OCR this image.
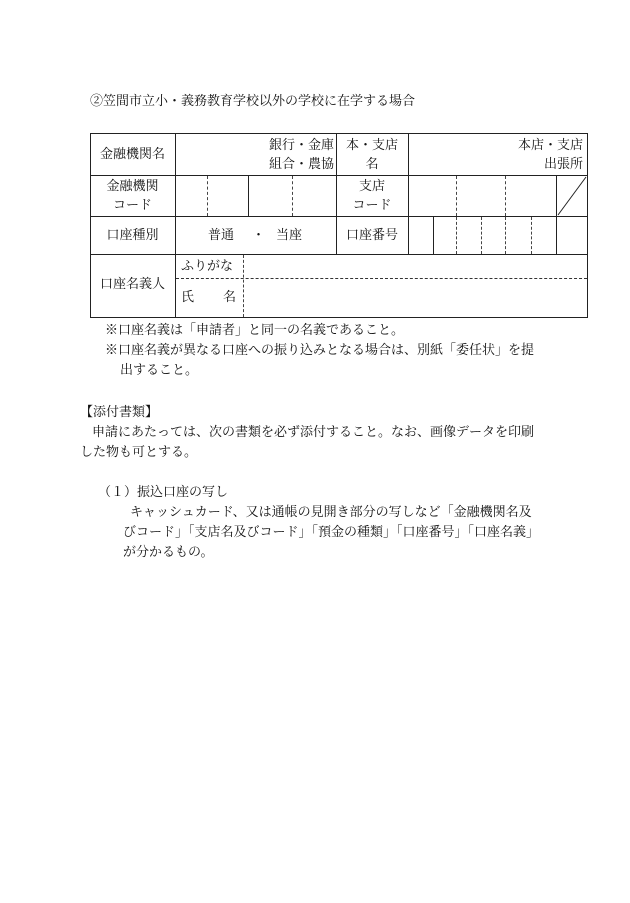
②笠間市立小・義務教育学校以外の学校に在学する場合
金融機関名
銀行・金庫
組合・農協
本・支店
名
本店・支店
出張所
金融機関
コード
支店
コード
口座種別	普通 ・ 当座	口座番号
口座名義人
ふりがな
氏 名
※口座名義は「申請者」と同一の名義であること。
※口座名義が異なる口座への振り込みとなる場合は、別紙「委任状」を提
出すること。
【添付書類】
申請にあたっては、次の書類を必ず添付すること。なお、画像データを印刷
した物も可とする。
（１）振込口座の写し
キャッシュカード、又は通帳の見開き部分の写しなど「金融機関名及
びコード」「支店名及びコード」「預金の種類」「口座番号」「口座名義」
が分かるもの。
